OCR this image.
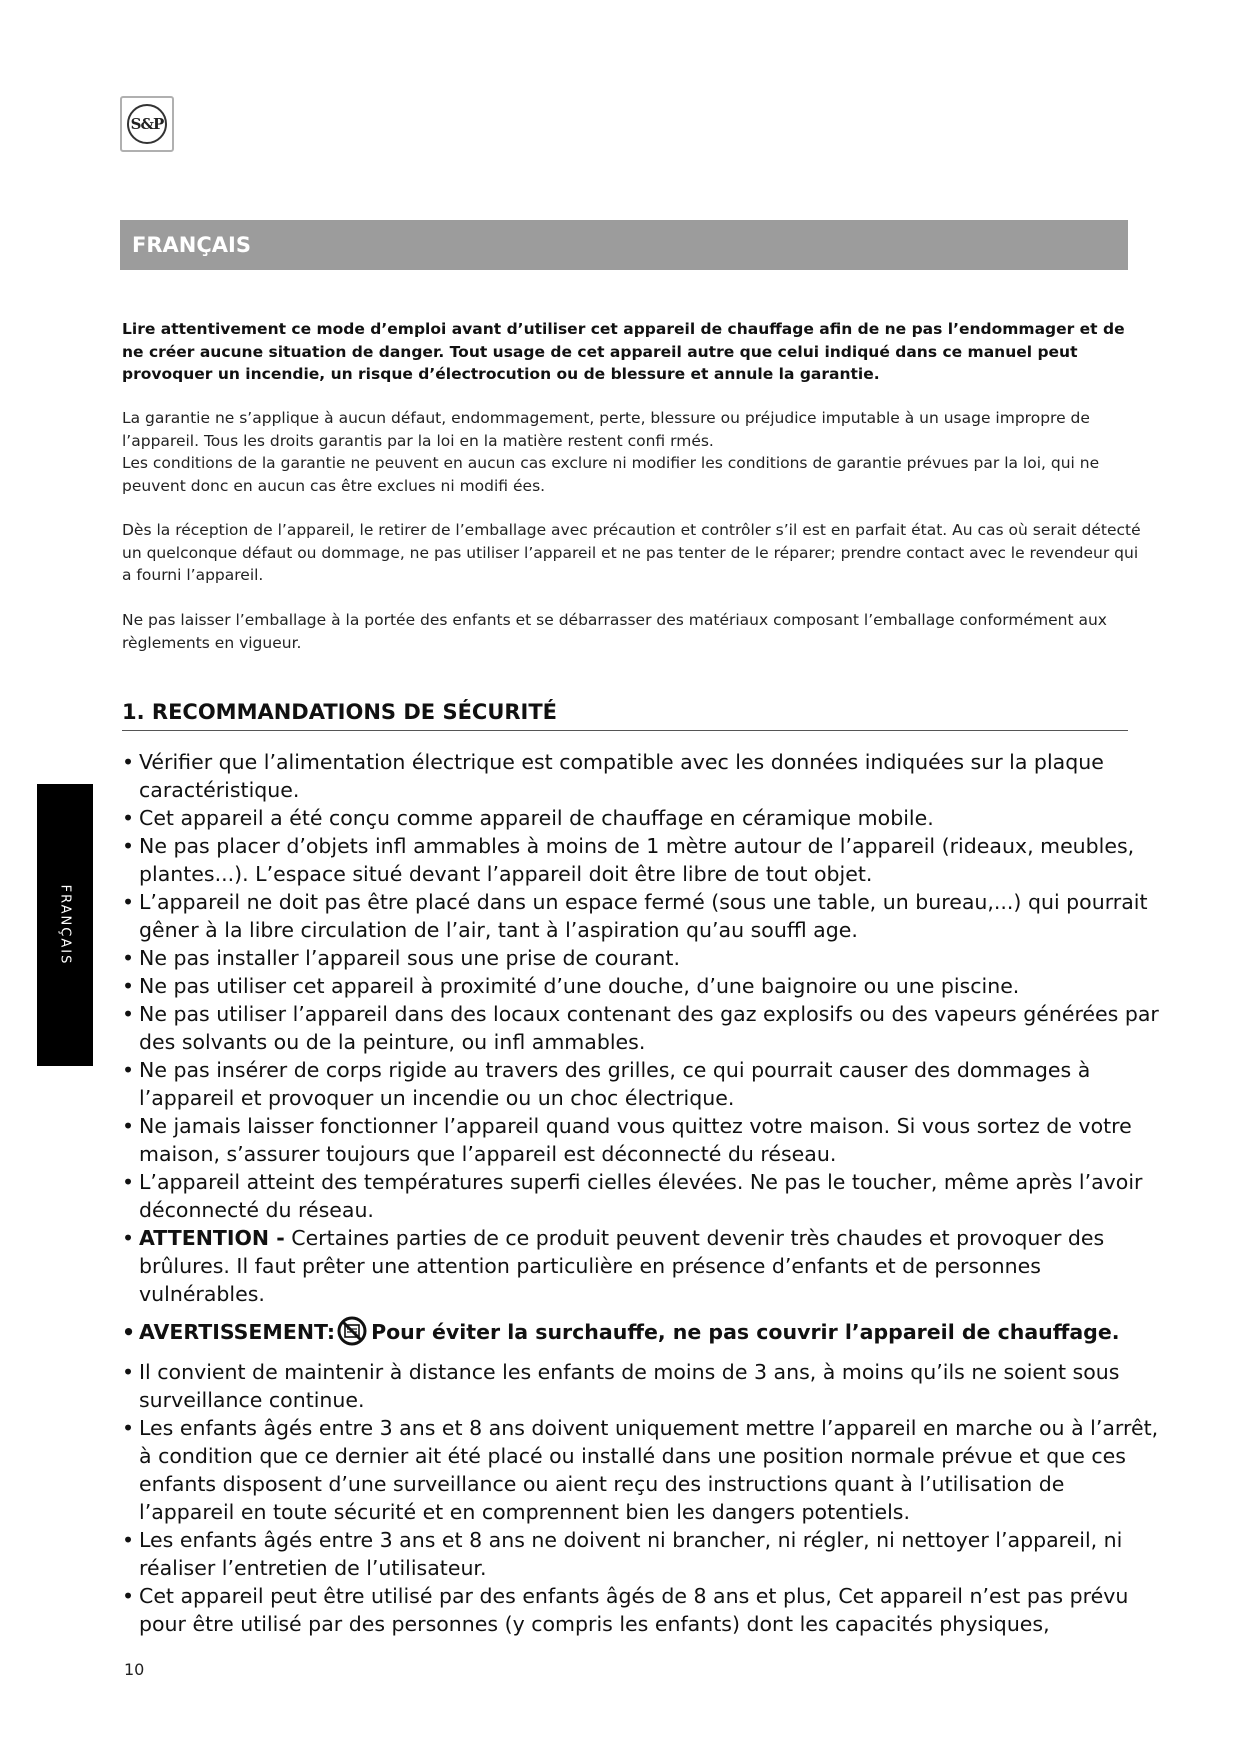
S&P
FRANÇAIS
FRANÇAIS

Lire attentivement ce mode d’emploi avant d’utiliser cet appareil de chauffage afin de ne pas l’endommager et de ne créer aucune situation de danger. Tout usage de cet appareil autre que celui indiqué dans ce manuel peut provoquer un incendie, un risque d’électrocution ou de blessure et annule la garantie.

La garantie ne s’applique à aucun défaut, endommagement, perte, blessure ou préjudice imputable à un usage impropre de l’appareil. Tous les droits garantis par la loi en la matière restent confi rmés.

Les conditions de la garantie ne peuvent en aucun cas exclure ni modifier les conditions de garantie prévues par la loi, qui ne peuvent donc en aucun cas être exclues ni modifi ées.

Dès la réception de l’appareil, le retirer de l’emballage avec précaution et contrôler s’il est en parfait état. Au cas où serait détecté un quelconque défaut ou dommage, ne pas utiliser l’appareil et ne pas tenter de le réparer; prendre contact avec le revendeur qui a fourni l’appareil.

Ne pas laisser l’emballage à la portée des enfants et se débarrasser des matériaux composant l’emballage conformément aux règlements en vigueur.

1. RECOMMANDATIONS DE SÉCURITÉ
• Vérifier que l’alimentation électrique est compatible avec les données indiquées sur la plaque caractéristique.
• Cet appareil a été conçu comme appareil de chauffage en céramique mobile.
• Ne pas placer d’objets infl ammables à moins de 1 mètre autour de l’appareil (rideaux, meubles, plantes...). L’espace situé devant l’appareil doit être libre de tout objet.
• L’appareil ne doit pas être placé dans un espace fermé (sous une table, un bureau,...) qui pourrait gêner à la libre circulation de l’air, tant à l’aspiration qu’au souffl age.
• Ne pas installer l’appareil sous une prise de courant.
• Ne pas utiliser cet appareil à proximité d’une douche, d’une baignoire ou une piscine.
• Ne pas utiliser l’appareil dans des locaux contenant des gaz explosifs ou des vapeurs générées par des solvants ou de la peinture, ou infl ammables.
• Ne pas insérer de corps rigide au travers des grilles, ce qui pourrait causer des dommages à l’appareil et provoquer un incendie ou un choc électrique.
• Ne jamais laisser fonctionner l’appareil quand vous quittez votre maison. Si vous sortez de votre maison, s’assurer toujours que l’appareil est déconnecté du réseau.
• L’appareil atteint des températures superfi cielles élevées. Ne pas le toucher, même après l’avoir déconnecté du réseau.
• ATTENTION - Certaines parties de ce produit peuvent devenir très chaudes et provoquer des brûlures. Il faut prêter une attention particulière en présence d’enfants et de personnes vulnérables.
• AVERTISSEMENT: Pour éviter la surchauffe, ne pas couvrir l’appareil de chauffage.
• Il convient de maintenir à distance les enfants de moins de 3 ans, à moins qu’ils ne soient sous surveillance continue.
• Les enfants âgés entre 3 ans et 8 ans doivent uniquement mettre l’appareil en marche ou à l’arrêt, à condition que ce dernier ait été placé ou installé dans une position normale prévue et que ces enfants disposent d’une surveillance ou aient reçu des instructions quant à l’utilisation de l’appareil en toute sécurité et en comprennent bien les dangers potentiels.
• Les enfants âgés entre 3 ans et 8 ans ne doivent ni brancher, ni régler, ni nettoyer l’appareil, ni réaliser l’entretien de l’utilisateur.
• Cet appareil peut être utilisé par des enfants âgés de 8 ans et plus, Cet appareil n’est pas prévu pour être utilisé par des personnes (y compris les enfants) dont les capacités physiques,
10
